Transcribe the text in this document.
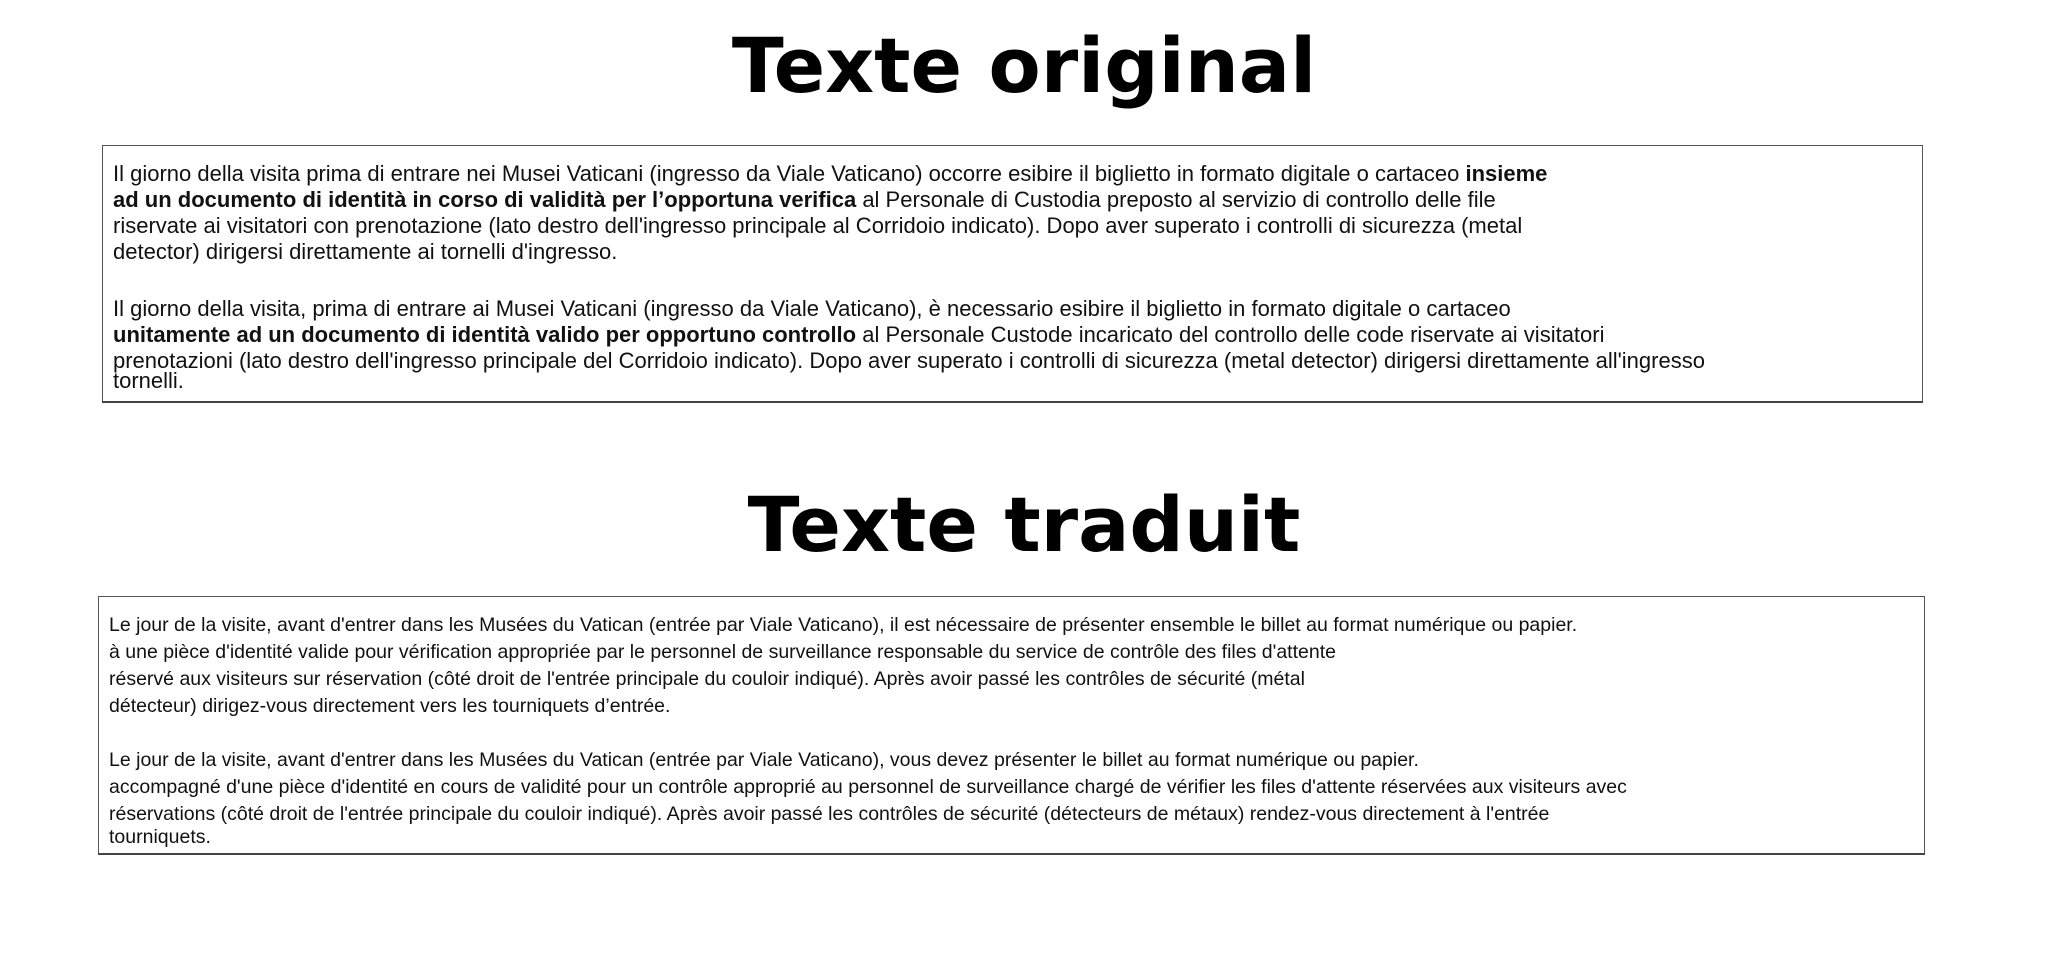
Texte original
Il giorno della visita prima di entrare nei Musei Vaticani (ingresso da Viale Vaticano) occorre esibire il biglietto in formato digitale o cartaceo insieme
ad un documento di identità in corso di validità per l’opportuna verifica al Personale di Custodia preposto al servizio di controllo delle file
riservate ai visitatori con prenotazione (lato destro dell'ingresso principale al Corridoio indicato). Dopo aver superato i controlli di sicurezza (metal
detector) dirigersi direttamente ai tornelli d'ingresso.
Il giorno della visita, prima di entrare ai Musei Vaticani (ingresso da Viale Vaticano), è necessario esibire il biglietto in formato digitale o cartaceo
unitamente ad un documento di identità valido per opportuno controllo al Personale Custode incaricato del controllo delle code riservate ai visitatori
prenotazioni (lato destro dell'ingresso principale del Corridoio indicato). Dopo aver superato i controlli di sicurezza (metal detector) dirigersi direttamente all'ingresso
tornelli.
Texte traduit
Le jour de la visite, avant d'entrer dans les Musées du Vatican (entrée par Viale Vaticano), il est nécessaire de présenter ensemble le billet au format numérique ou papier.
à une pièce d'identité valide pour vérification appropriée par le personnel de surveillance responsable du service de contrôle des files d'attente
réservé aux visiteurs sur réservation (côté droit de l'entrée principale du couloir indiqué). Après avoir passé les contrôles de sécurité (métal
détecteur) dirigez-vous directement vers les tourniquets d’entrée.
Le jour de la visite, avant d'entrer dans les Musées du Vatican (entrée par Viale Vaticano), vous devez présenter le billet au format numérique ou papier.
accompagné d'une pièce d'identité en cours de validité pour un contrôle approprié au personnel de surveillance chargé de vérifier les files d'attente réservées aux visiteurs avec
réservations (côté droit de l'entrée principale du couloir indiqué). Après avoir passé les contrôles de sécurité (détecteurs de métaux) rendez-vous directement à l'entrée
tourniquets.
